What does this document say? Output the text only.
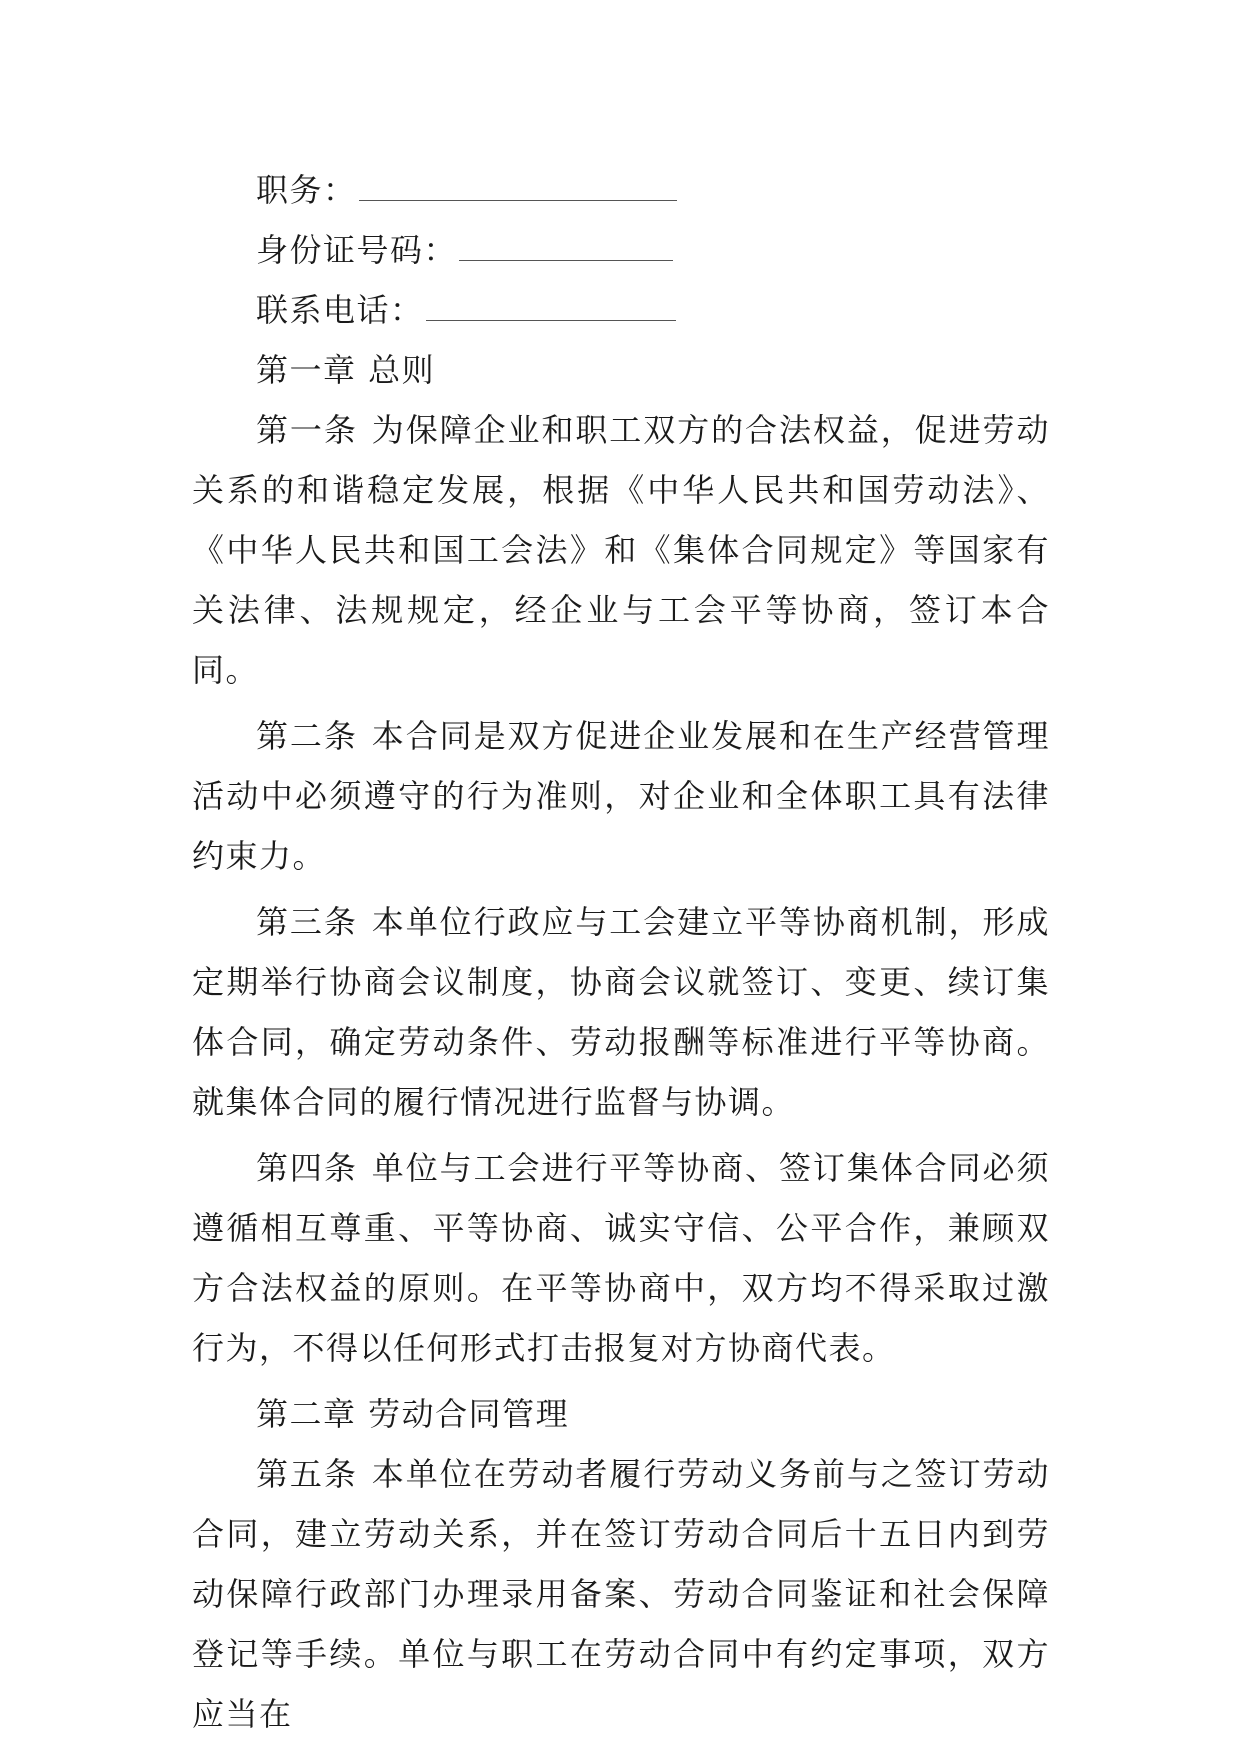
职务：
身份证号码：
联系电话：
第一章 总则

第一条 为保障企业和职工双方的合法权益，促进劳动关系的和谐稳定发展，根据《中华人民共和国劳动法》、《中华人民共和国工会法》和《集体合同规定》等国家有关法律、法规规定，经企业与工会平等协商，签订本合同。

第二条 本合同是双方促进企业发展和在生产经营管理活动中必须遵守的行为准则，对企业和全体职工具有法律约束力。

第三条 本单位行政应与工会建立平等协商机制，形成定期举行协商会议制度，协商会议就签订、变更、续订集体合同，确定劳动条件、劳动报酬等标准进行平等协商。就集体合同的履行情况进行监督与协调。

第四条 单位与工会进行平等协商、签订集体合同必须遵循相互尊重、平等协商、诚实守信、公平合作，兼顾双方合法权益的原则。在平等协商中，双方均不得采取过激行为，不得以任何形式打击报复对方协商代表。

第二章 劳动合同管理

第五条 本单位在劳动者履行劳动义务前与之签订劳动合同，建立劳动关系，并在签订劳动合同后十五日内到劳动保障行政部门办理录用备案、劳动合同鉴证和社会保障登记等手续。单位与职工在劳动合同中有约定事项，双方应当在
